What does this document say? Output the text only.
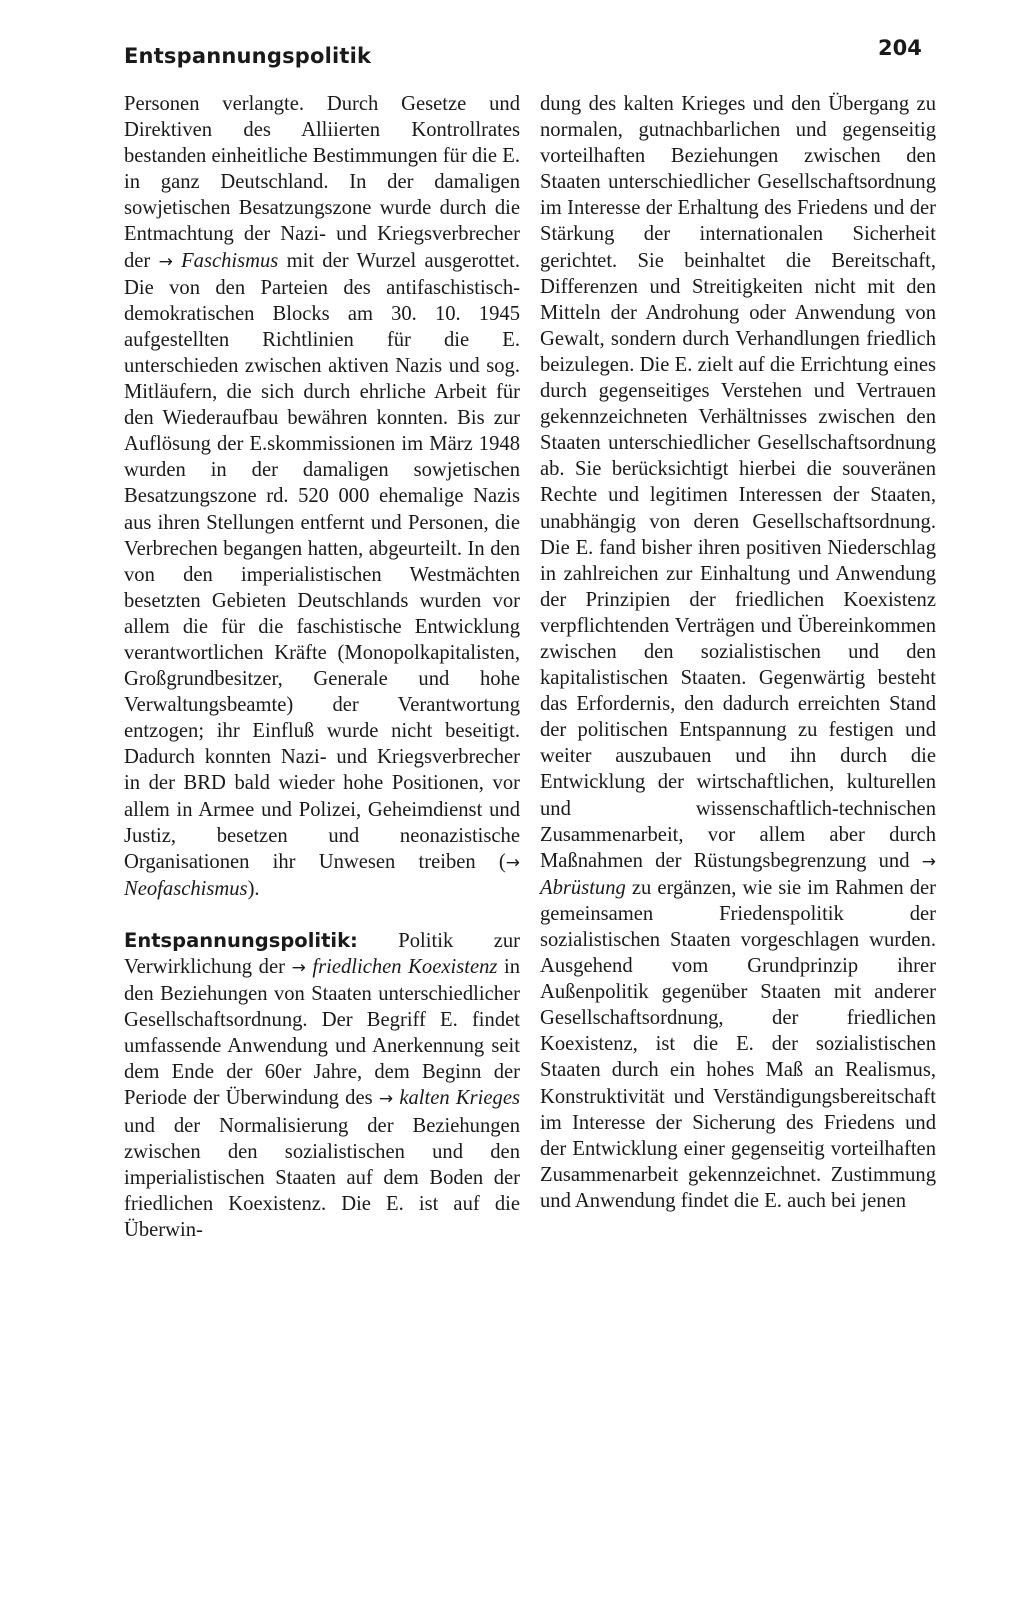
Entspannungspolitik	204

Personen verlangte. Durch Gesetze und Direktiven des Alliierten Kontrollrates bestanden einheitliche Bestimmungen für die E. in ganz Deutschland. In der damaligen sowjetischen Besatzungszone wurde durch die Entmachtung der Nazi- und Kriegsverbrecher der → Faschismus mit der Wurzel ausgerottet. Die von den Parteien des antifaschistisch-demokratischen Blocks am 30. 10. 1945 aufgestellten Richtlinien für die E. unterschieden zwischen aktiven Nazis und sog. Mitläufern, die sich durch ehrliche Arbeit für den Wiederaufbau bewähren konnten. Bis zur Auflösung der E.skommissionen im März 1948 wurden in der damaligen sowjetischen Besatzungszone rd. 520 000 ehemalige Nazis aus ihren Stellungen entfernt und Personen, die Verbrechen begangen hatten, abgeurteilt. In den von den imperialistischen Westmächten besetzten Gebieten Deutschlands wurden vor allem die für die faschistische Entwicklung verantwortlichen Kräfte (Monopolkapitalisten, Großgrundbesitzer, Generale und hohe Verwaltungsbeamte) der Verantwortung entzogen; ihr Einfluß wurde nicht beseitigt. Dadurch konnten Nazi- und Kriegsverbrecher in der BRD bald wieder hohe Positionen, vor allem in Armee und Polizei, Geheimdienst und Justiz, besetzen und neonazistische Organisationen ihr Unwesen treiben (→ Neofaschismus).

Entspannungspolitik: Politik zur Verwirklichung der → friedlichen Koexistenz in den Beziehungen von Staaten unterschiedlicher Gesellschaftsordnung. Der Begriff E. findet umfassende Anwendung und Anerkennung seit dem Ende der 60er Jahre, dem Beginn der Periode der Überwindung des → kalten Krieges und der Normalisierung der Beziehungen zwischen den sozialistischen und den imperialistischen Staaten auf dem Boden der friedlichen Koexistenz. Die E. ist auf die Überwin-

dung des kalten Krieges und den Übergang zu normalen, gutnachbarlichen und gegenseitig vorteilhaften Beziehungen zwischen den Staaten unterschiedlicher Gesellschaftsordnung im Interesse der Erhaltung des Friedens und der Stärkung der internationalen Sicherheit gerichtet. Sie beinhaltet die Bereitschaft, Differenzen und Streitigkeiten nicht mit den Mitteln der Androhung oder Anwendung von Gewalt, sondern durch Verhandlungen friedlich beizulegen. Die E. zielt auf die Errichtung eines durch gegenseitiges Verstehen und Vertrauen gekennzeichneten Verhältnisses zwischen den Staaten unterschiedlicher Gesellschaftsordnung ab. Sie berücksichtigt hierbei die souveränen Rechte und legitimen Interessen der Staaten, unabhängig von deren Gesellschaftsordnung. Die E. fand bisher ihren positiven Niederschlag in zahlreichen zur Einhaltung und Anwendung der Prinzipien der friedlichen Koexistenz verpflichtenden Verträgen und Übereinkommen zwischen den sozialistischen und den kapitalistischen Staaten. Gegenwärtig besteht das Erfordernis, den dadurch erreichten Stand der politischen Entspannung zu festigen und weiter auszubauen und ihn durch die Entwicklung der wirtschaftlichen, kulturellen und wissenschaftlich-technischen Zusammenarbeit, vor allem aber durch Maßnahmen der Rüstungsbegrenzung und → Abrüstung zu ergänzen, wie sie im Rahmen der gemeinsamen Friedenspolitik der sozialistischen Staaten vorgeschlagen wurden. Ausgehend vom Grundprinzip ihrer Außenpolitik gegenüber Staaten mit anderer Gesellschaftsordnung, der friedlichen Koexistenz, ist die E. der sozialistischen Staaten durch ein hohes Maß an Realismus, Konstruktivität und Verständigungsbereitschaft im Interesse der Sicherung des Friedens und der Entwicklung einer gegenseitig vorteilhaften Zusammenarbeit gekennzeichnet. Zustimmung und Anwendung findet die E. auch bei jenen
